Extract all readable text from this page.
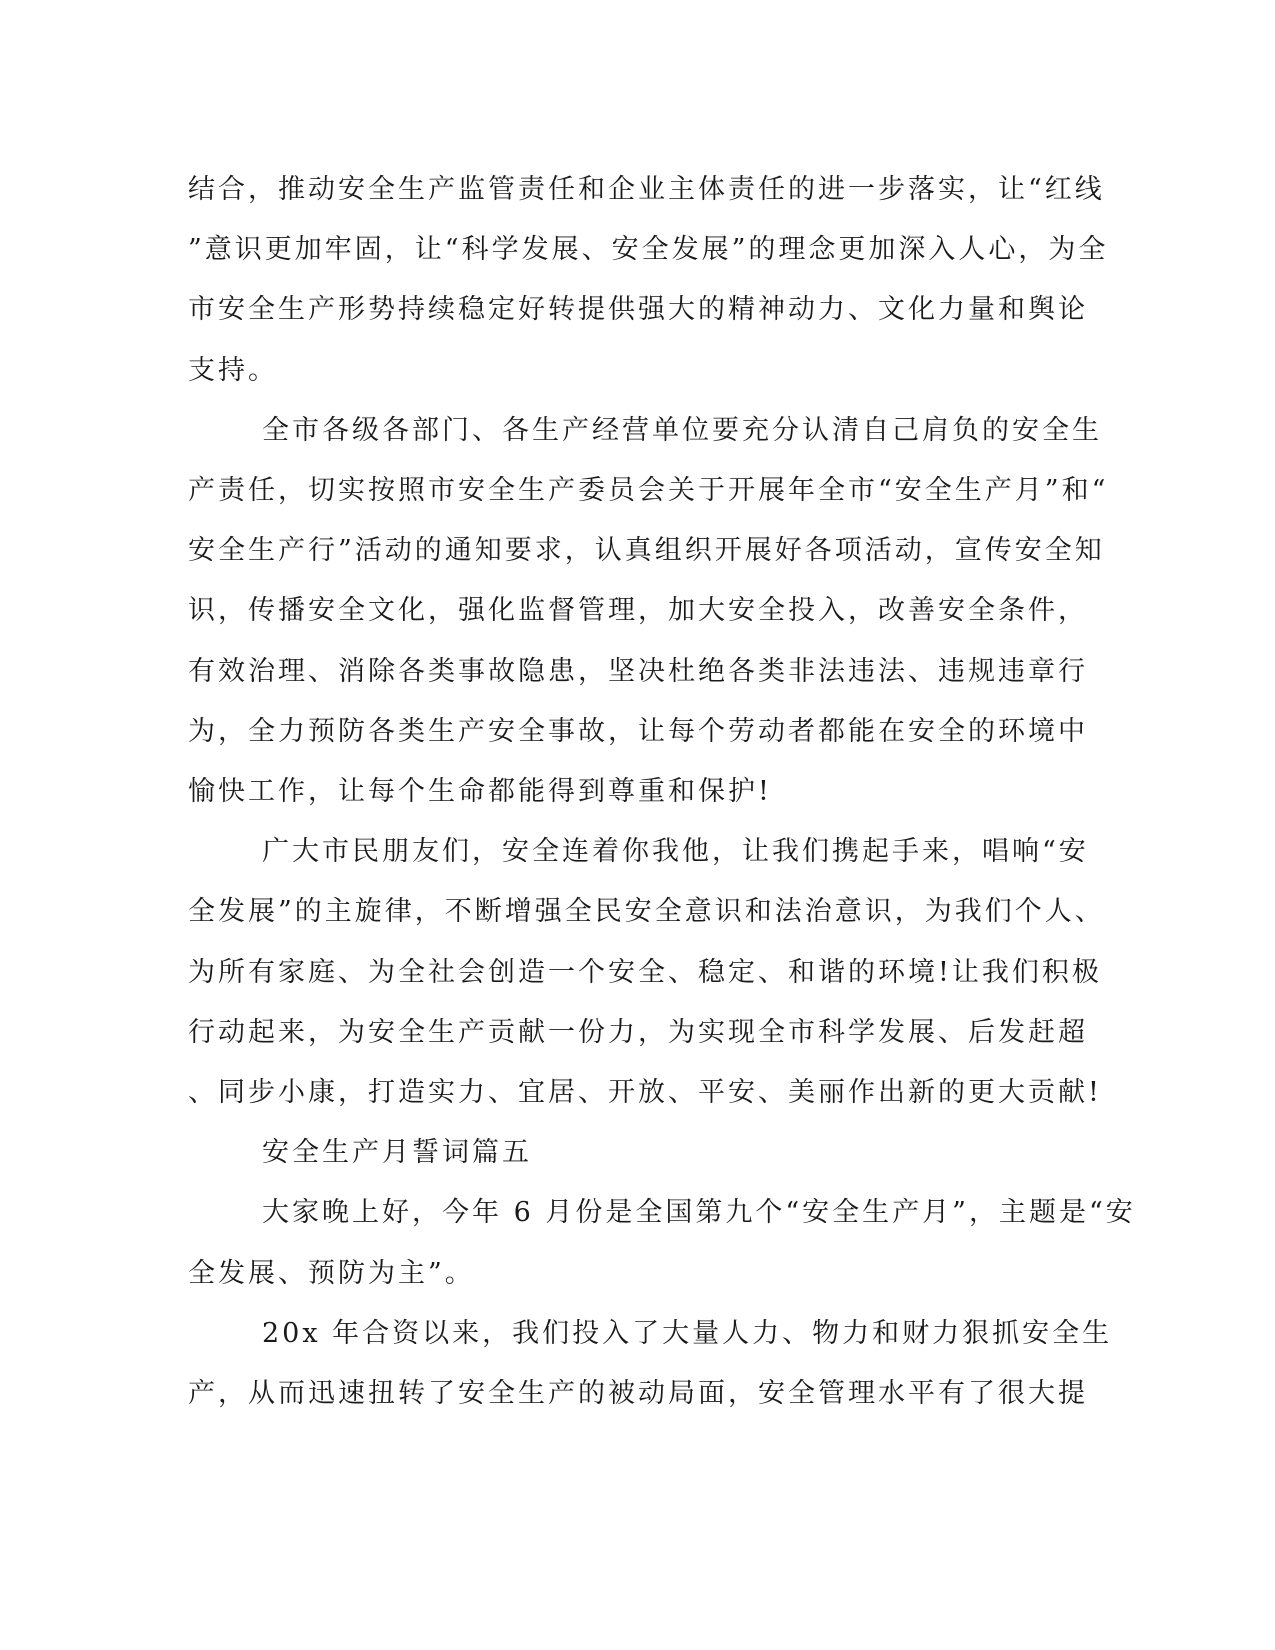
结合，推动安全生产监管责任和企业主体责任的进一步落实，让“红线
”意识更加牢固，让“科学发展、安全发展”的理念更加深入人心，为全
市安全生产形势持续稳定好转提供强大的精神动力、文化力量和舆论
支持。

全市各级各部门、各生产经营单位要充分认清自己肩负的安全生
产责任，切实按照市安全生产委员会关于开展年全市“安全生产月”和“
安全生产行”活动的通知要求，认真组织开展好各项活动，宣传安全知
识，传播安全文化，强化监督管理，加大安全投入，改善安全条件，
有效治理、消除各类事故隐患，坚决杜绝各类非法违法、违规违章行
为，全力预防各类生产安全事故，让每个劳动者都能在安全的环境中
愉快工作，让每个生命都能得到尊重和保护!

广大市民朋友们，安全连着你我他，让我们携起手来，唱响“安
全发展”的主旋律，不断增强全民安全意识和法治意识，为我们个人、
为所有家庭、为全社会创造一个安全、稳定、和谐的环境!让我们积极
行动起来，为安全生产贡献一份力，为实现全市科学发展、后发赶超
、同步小康，打造实力、宜居、开放、平安、美丽作出新的更大贡献!

安全生产月誓词篇五

大家晚上好，今年 6 月份是全国第九个“安全生产月”，主题是“安
全发展、预防为主”。

20x 年合资以来，我们投入了大量人力、物力和财力狠抓安全生
产，从而迅速扭转了安全生产的被动局面，安全管理水平有了很大提
